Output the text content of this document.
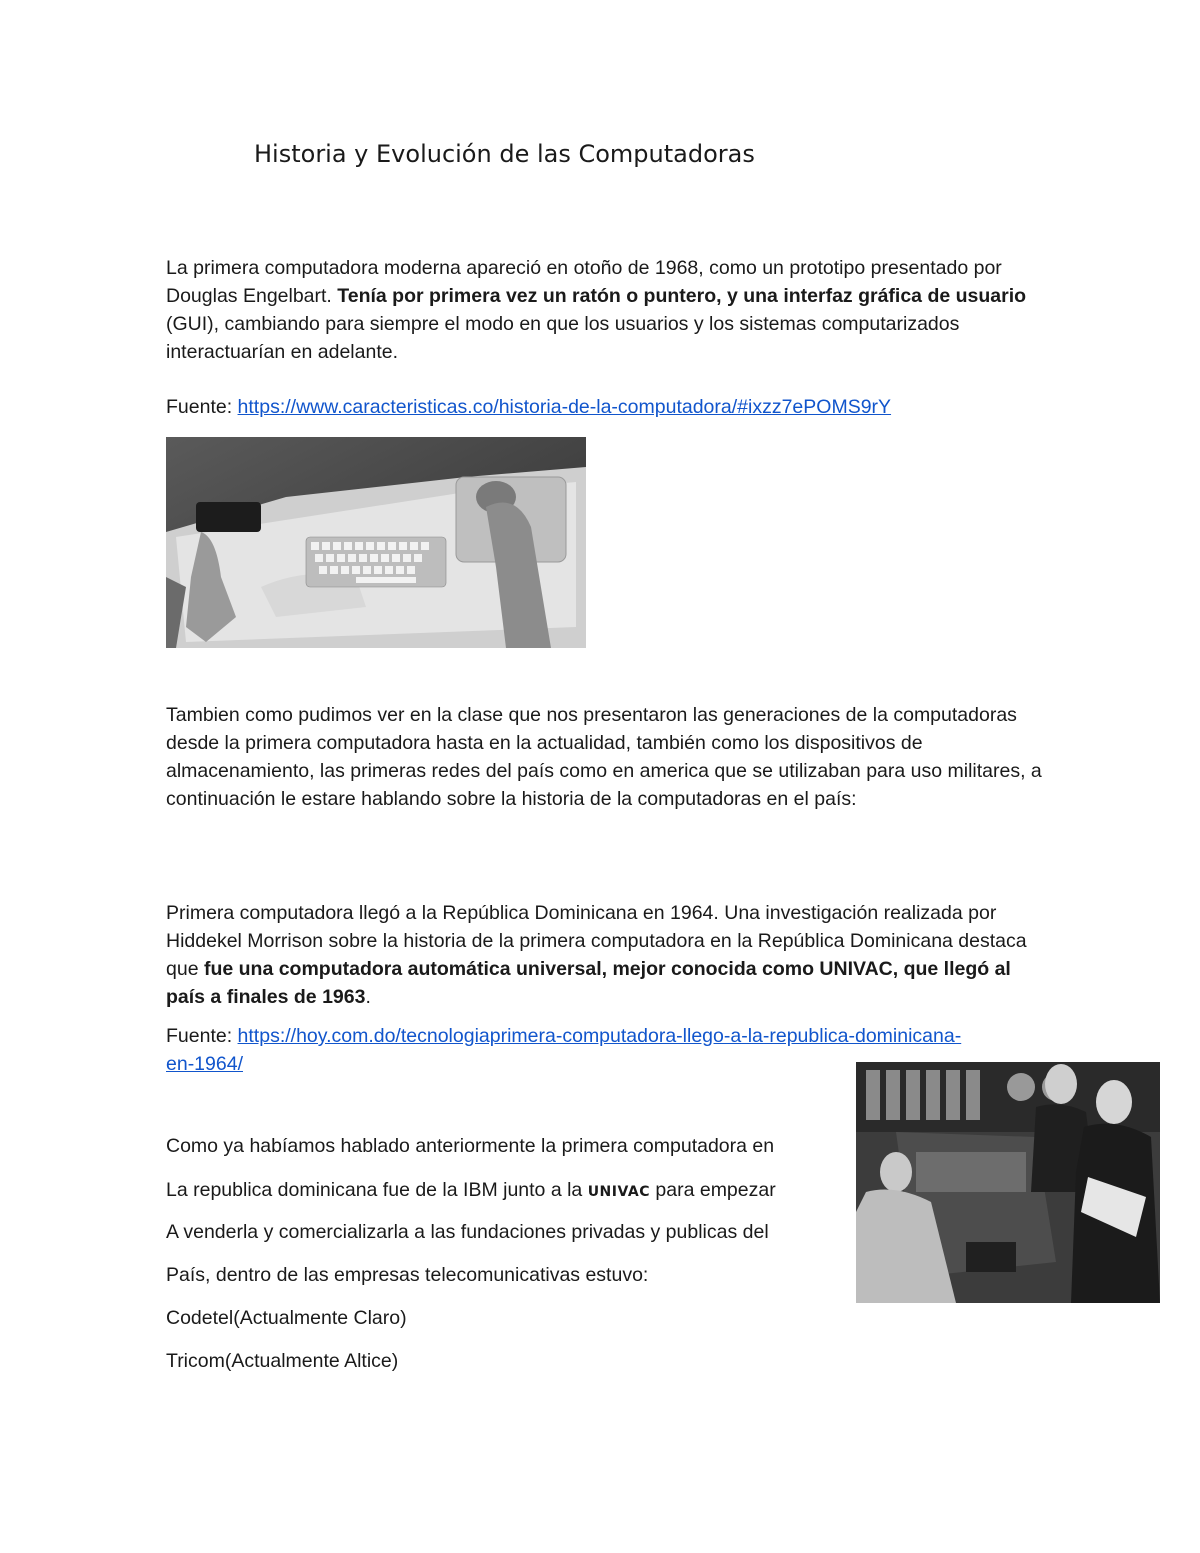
Historia y Evolución de las Computadoras
La primera computadora moderna apareció en otoño de 1968, como un prototipo presentado por Douglas Engelbart. Tenía por primera vez un ratón o puntero, y una interfaz gráfica de usuario (GUI), cambiando para siempre el modo en que los usuarios y los sistemas computarizados interactuarían en adelante.
Fuente: https://www.caracteristicas.co/historia-de-la-computadora/#ixzz7ePOMS9rY
Tambien como pudimos ver en la clase que nos presentaron las generaciones de la computadoras desde la primera computadora hasta en la actualidad, también como los dispositivos de almacenamiento, las primeras redes del país como en america que se utilizaban para uso militares, a continuación le estare hablando sobre la historia de la computadoras en el país:
Primera computadora llegó a la República Dominicana en 1964. Una investigación realizada por Hiddekel Morrison sobre la historia de la primera computadora en la República Dominicana destaca que fue una computadora automática universal, mejor conocida como UNIVAC, que llegó al país a finales de 1963.
Fuente: https://hoy.com.do/tecnologiaprimera-computadora-llego-a-la-republica-dominicana-en-1964/
Como ya habíamos hablado anteriormente la primera computadora en
La republica dominicana fue de la IBM junto a la UNIVAC para empezar
A venderla y comercializarla a las fundaciones privadas y publicas del
País, dentro de las empresas telecomunicativas estuvo:
Codetel(Actualmente Claro)
Tricom(Actualmente Altice)
